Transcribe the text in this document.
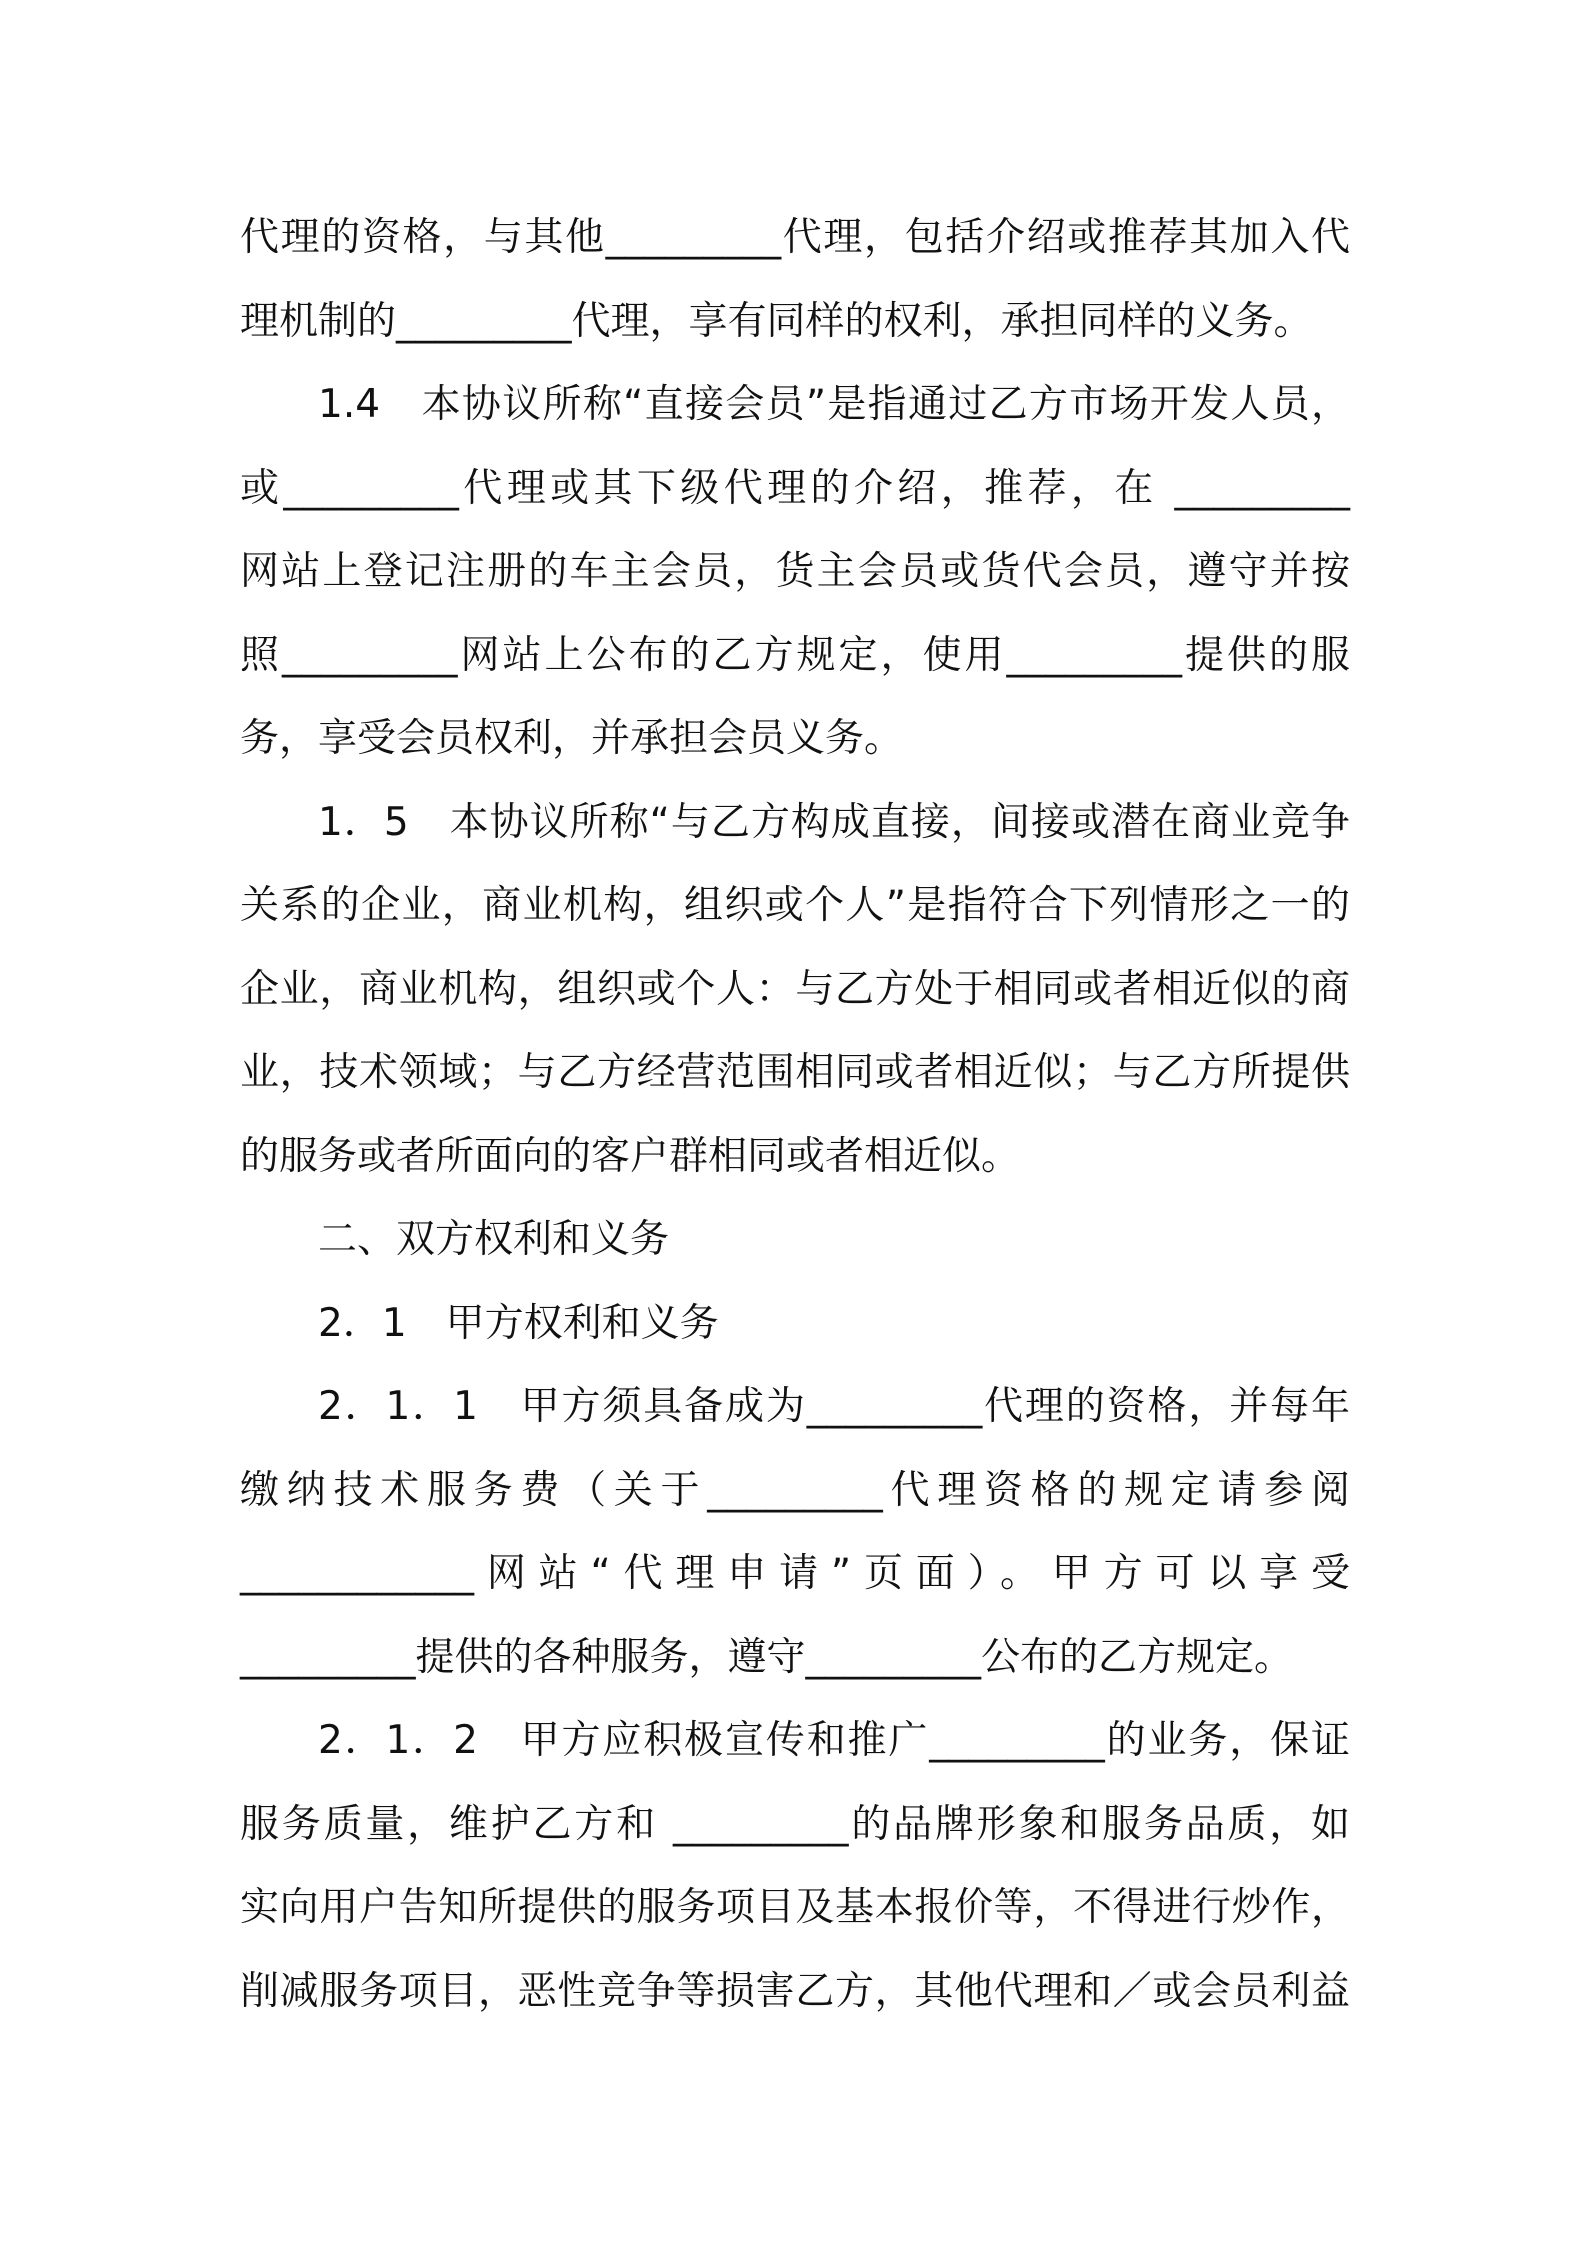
代理的资格，与其他_________代理，包括介绍或推荐其加入代
理机制的_________代理，享有同样的权利，承担同样的义务。
1.4　本协议所称“直接会员”是指通过乙方市场开发人员，
或_________代理或其下级代理的介绍，推荐，在 _________
网站上登记注册的车主会员，货主会员或货代会员，遵守并按
照_________网站上公布的乙方规定，使用_________提供的服
务，享受会员权利，并承担会员义务。
1．5　本协议所称“与乙方构成直接，间接或潜在商业竞争
关系的企业，商业机构，组织或个人”是指符合下列情形之一的
企业，商业机构，组织或个人：与乙方处于相同或者相近似的商
业，技术领域；与乙方经营范围相同或者相近似；与乙方所提供
的服务或者所面向的客户群相同或者相近似。
二、双方权利和义务
2．1　甲方权利和义务
2．1．1　甲方须具备成为_________代理的资格，并每年
缴纳技术服务费（关于_________代理资格的规定请参阅
____________网站“代理申请”页面）。甲方可以享受
_________提供的各种服务，遵守_________公布的乙方规定。
2．1．2　甲方应积极宣传和推广_________的业务，保证
服务质量，维护乙方和 _________的品牌形象和服务品质，如
实向用户告知所提供的服务项目及基本报价等，不得进行炒作，
削减服务项目，恶性竞争等损害乙方，其他代理和／或会员利益
